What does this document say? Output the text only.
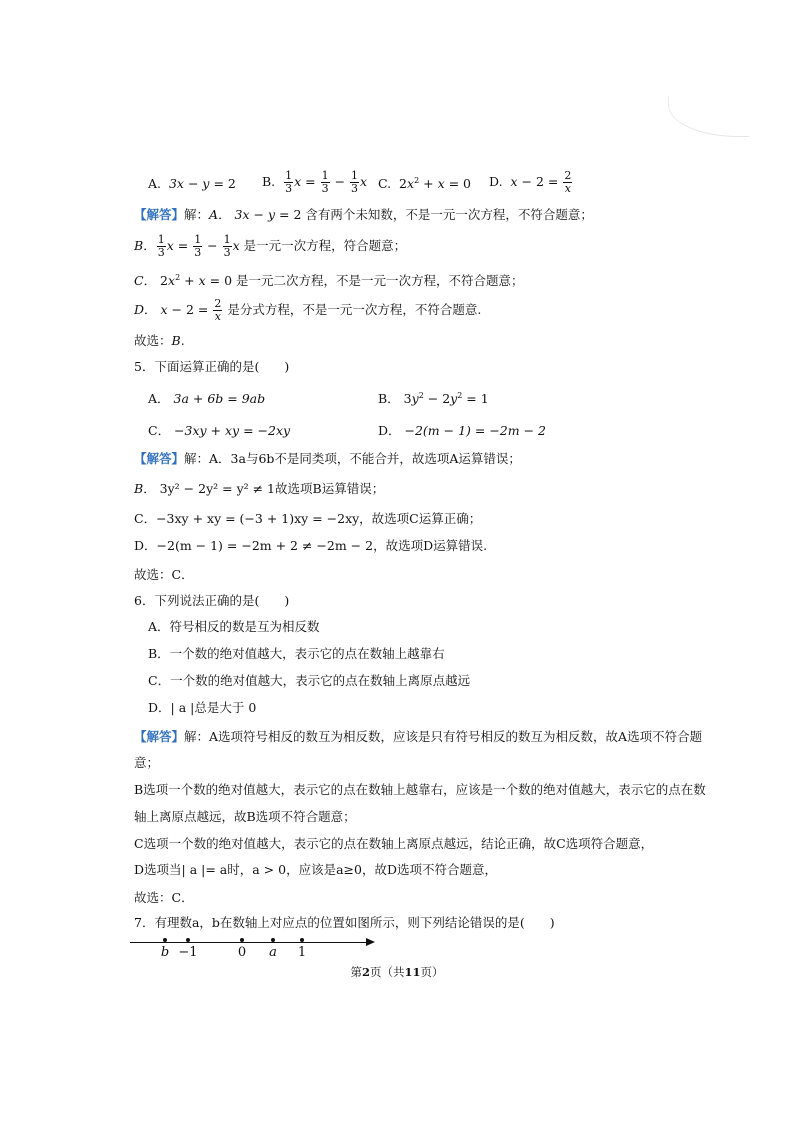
A. 3x − y = 2 B. $\frac{1}{3}$ $x = \frac{1}{3} - \frac{1}{3}$ x C.  $2x^2 + x = 0$ D. $x - 2 = \frac{2}{x}$
【解答】解：A． 3x − y = 2 含有两个未知数，不是一元一次方程，不符合题意；
B． $\frac{1}{3}$ $x = \frac{1}{3} - \frac{1}{3}$ x 是一元一次方程，符合题意；
C． $2x^2 + x = 0$ 是一元二次方程，不是一元一次方程，不符合题意；
D． $x - 2 = \frac{2}{x}$ 是分式方程，不是一元一次方程，不符合题意.
故选：B.
5．下面运算正确的是(　　)
A． 3a + 6b = 9ab	B． $3y^2 - 2y^2 = 1$
C． −3xy + xy = −2xy	D． −2(m − 1) = −2m − 2
【解答】解：A．3a与6b不是同类项，不能合并，故选项A运算错误；
B． 3y² − 2y² = y² ≠ 1故选项B运算错误；
C．−3xy + xy = (−3 + 1)xy = −2xy，故选项C运算正确；
D．−2(m − 1) = −2m + 2 ≠ −2m − 2，故选项D运算错误.
故选：C．
6．下列说法正确的是(　　)
A．符号相反的数是互为相反数
B．一个数的绝对值越大，表示它的点在数轴上越靠右
C．一个数的绝对值越大，表示它的点在数轴上离原点越远
D．| a |总是大于 0
【解答】解：A选项符号相反的数互为相反数，应该是只有符号相反的数互为相反数，故A选项不符合题
意；
B选项一个数的绝对值越大，表示它的点在数轴上越靠右，应该是一个数的绝对值越大，表示它的点在数
轴上离原点越远，故B选项不符合题意；
C选项一个数的绝对值越大，表示它的点在数轴上离原点越远，结论正确，故C选项符合题意，
D选项当| a |= a时，a > 0，应该是a≥0，故D选项不符合题意，
故选：C．
7．有理数a，b在数轴上对应点的位置如图所示，则下列结论错误的是(　　)
b −1	0 a 1
第2页（共11页）
